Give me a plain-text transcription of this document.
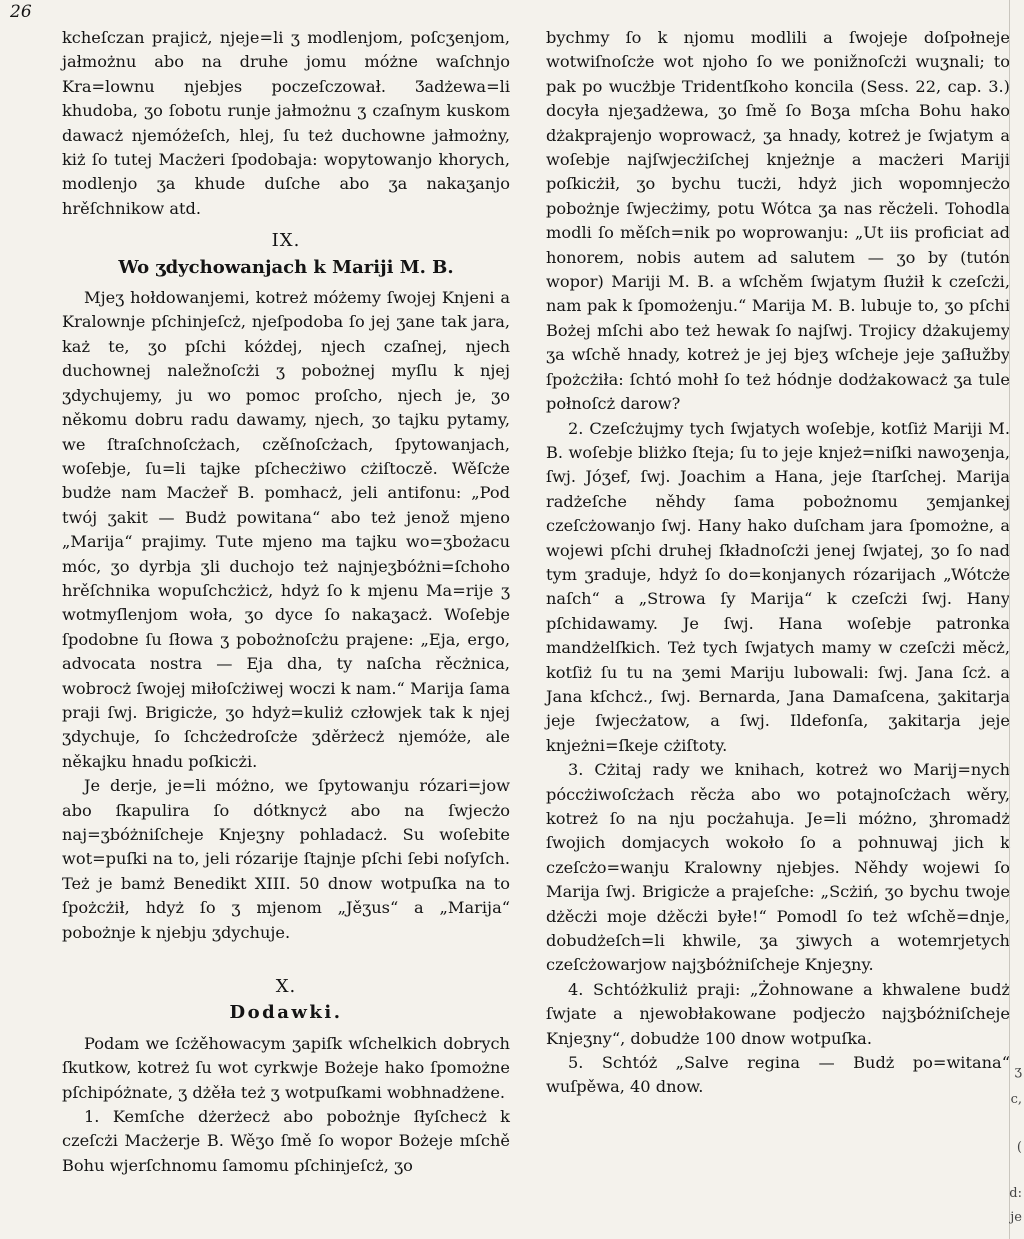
26

kcheſczan prajicż, njeje=li ʒ modlenjom, poſcʒenjom, jałmożnu abo na druhe jomu móżne waſchnjo Kra=lownu njebjes poczeſczował. Ʒadżewa=li khudoba, ʒo ſobotu runje jałmożnu ʒ czaſnym kuskom dawacż njemóżeſch, hlej, ſu też duchowne jałmożny, kiż ſo tutej Macżeri ſpodobaja: wopytowanjo khorych, modlenjo ʒa khude duſche abo ʒa nakaʒanjo hrěſchnikow atd.

IX.
Wo ʒdychowanjach k Mariji M. B.

Mjeʒ hołdowanjemi, kotreż móżemy ſwojej Knjeni a Kralownje pſchinjeſcż, njeſpodoba ſo jej ʒane tak jara, każ te, ʒo pſchi kóżdej, njech czaſnej, njech duchownej naležnoſcżi ʒ pobożnej myſlu k njej ʒdychujemy, ju wo pomoc proſcho, njech je, ʒo někomu dobru radu dawamy, njech, ʒo tajku pytamy, we ſtraſchnoſcżach, czěſnoſcżach, ſpytowanjach, woſebje, ſu=li tajke pſchecżiwo cżiſtoczě. Wěſcże budże nam Macżeř B. pomhacż, jeli antifonu: „Pod twój ʒakit — Budż powitana“ abo też jenož mjeno „Marija“ prajimy. Tute mjeno ma tajku wo=ʒbożacu móc, ʒo dyrbja ʒli duchojo też najnjeʒbóżni=ſchoho hrěſchnika wopuſchcżicż, hdyż ſo k mjenu Ma=rije ʒ wotmyſlenjom woła, ʒo dyce ſo nakaʒacż. Woſebje ſpodobne ſu ſłowa ʒ pobożnoſcżu prajene: „Eja, ergo, advocata nostra — Eja dha, ty naſcha rěcżnica, wobrocż ſwojej miłoſcżiwej woczi k nam.“ Marija ſama praji ſwj. Brigicże, ʒo hdyż=kuliż człowjek tak k njej ʒdychuje, ſo ſchcżedroſcże ʒděrżecż njemóże, ale někajku hnadu poſkicżi.

Je derje, je=li móżno, we ſpytowanju rózari=jow abo ſkapulira ſo dótknycż abo na ſwjecżo naj=ʒbóżniſcheje Knjeʒny pohladacż. Su woſebite wot=puſki na to, jeli rózarije ſtajnje pſchi ſebi noſyſch. Też je bamż Benedikt XIII. 50 dnow wotpuſka na to ſpożcżił, hdyż ſo ʒ mjenom „Jěʒus“ a „Marija“ pobożnje k njebju ʒdychuje.

X.
Dodawki.

Podam we ſcżěhowacym ʒapiſk wſchelkich dobrych ſkutkow, kotreż ſu wot cyrkwje Bożeje hako ſpomożne pſchipóżnate, ʒ dżěła też ʒ wotpuſkami wobhnadżene.

1. Kemſche dżerżecż abo pobożnje ſłyſchecż k czeſcżi Macżerje B. Wěʒo ſmě ſo wopor Bożeje mſchě Bohu wjerſchnomu ſamomu pſchinjeſcż, ʒo

bychmy ſo k njomu modlili a ſwojeje doſpołneje wotwiſnoſcże wot njoho ſo we ponižnoſcżi wuʒnali; to pak po wucżbje Tridentſkoho koncila (Sess. 22, cap. 3.) docyła njeʒadżewa, ʒo ſmě ſo Boʒa mſcha Bohu hako dżakprajenjo woprowacż, ʒa hnady, kotreż je ſwjatym a woſebje najſwjecżiſchej knjeżnje a macżeri Mariji poſkicżił, ʒo bychu tucżi, hdyż jich wopomnjecżo pobożnje ſwjecżimy, potu Wótca ʒa nas rěcżeli. Tohodla modli ſo měſch=nik po woprowanju: „Ut iis proficiat ad honorem, nobis autem ad salutem — ʒo by (tutón wopor) Mariji M. B. a wſchěm ſwjatym ſłużił k czeſcżi, nam pak k ſpomożenju.“ Marija M. B. lubuje to, ʒo pſchi Bożej mſchi abo też hewak ſo najſwj. Trojicy dżakujemy ʒa wſchě hnady, kotreż je jej bjeʒ wſcheje jeje ʒaſłužby ſpożcżiła: ſchtó mohł ſo też hódnje dodżakowacż ʒa tule połnoſcż darow?

2. Czeſcżujmy tych ſwjatych woſebje, kotſiż Mariji M. B. woſebje bliżko ſteja; ſu to jeje knjeż=niſki nawoʒenja, ſwj. Jóʒef, ſwj. Joachim a Hana, jeje ſtarſchej. Marija radżeſche něhdy ſama pobożnomu ʒemjankej czeſcżowanjo ſwj. Hany hako duſcham jara ſpomożne, a wojewi pſchi druhej ſkładnoſcżi jenej ſwjatej, ʒo ſo nad tym ʒraduje, hdyż ſo do=konjanych rózarijach „Wótcże naſch“ a „Strowa ſy Marija“ k czeſcżi ſwj. Hany pſchidawamy. Je ſwj. Hana woſebje patronka mandżelſkich. Też tych ſwjatych mamy w czeſcżi měcż, kotſiż ſu tu na ʒemi Mariju lubowali: ſwj. Jana ſcż. a Jana kſchcż., ſwj. Bernarda, Jana Damaſcena, ʒakitarja jeje ſwjecżatow, a ſwj. Ildefonſa, ʒakitarja jeje knjeżni=ſkeje cżiſtoty.

3. Cżitaj rady we knihach, kotreż wo Marij=nych póccżiwoſcżach rěcża abo wo potajnoſcżach wěry, kotreż ſo na nju pocżahuja. Je=li móżno, ʒhromadż ſwojich domjacych wokoło ſo a pohnuwaj jich k czeſcżo=wanju Kralowny njebjes. Něhdy wojewi ſo Marija ſwj. Brigicże a prajeſche: „Scżiń, ʒo bychu twoje dżěcżi moje dżěcżi byłe!“ Pomodl ſo też wſchě=dnje, dobudżeſch=li khwile, ʒa ʒiwych a wotemrjetych czeſcżowarjow najʒbóżniſcheje Knjeʒny.

4. Schtóżkuliż praji: „Żohnowane a khwalene budż ſwjate a njewobłakowane podjecżo najʒbóżniſcheje Knjeʒny“, dobudże 100 dnow wotpuſka.

5. Schtóż „Salve regina — Budż po=witana“ wuſpěwa, 40 dnow.

ʒ
c,
(
d:
je
